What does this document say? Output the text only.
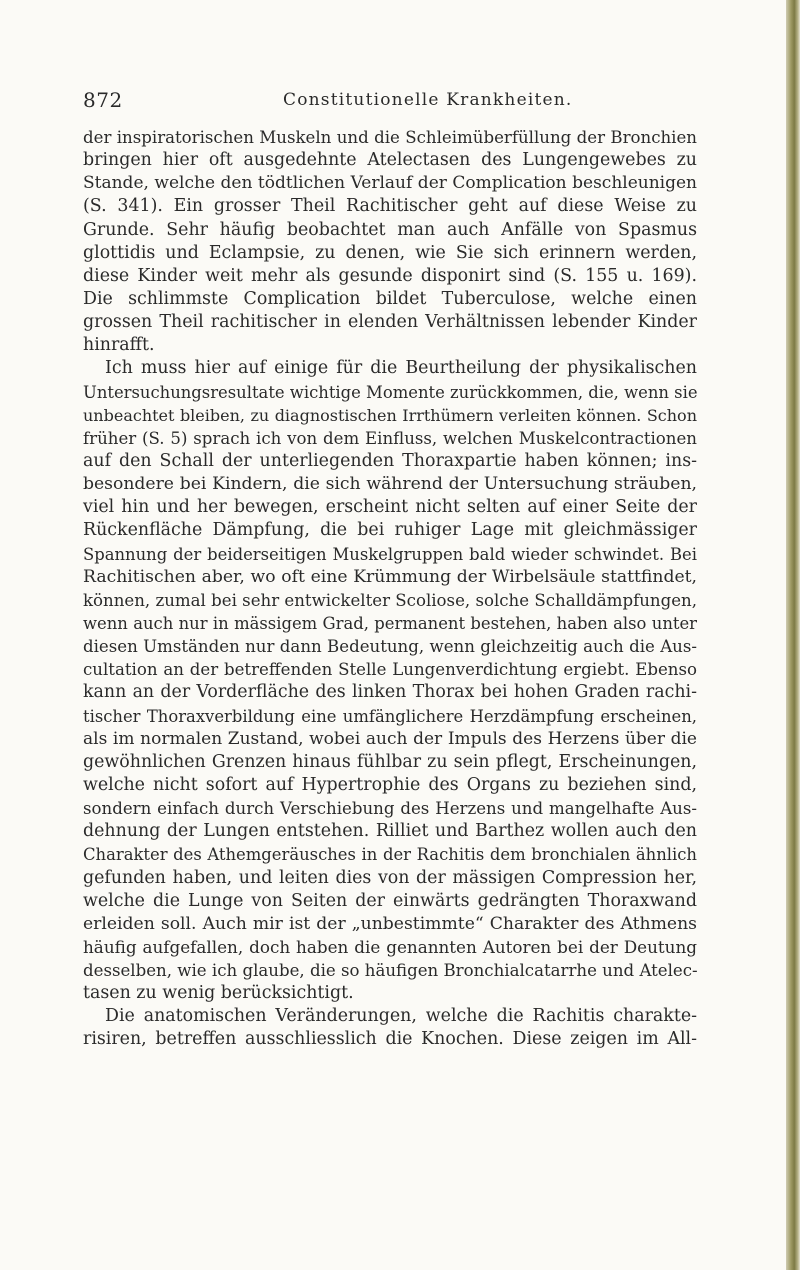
872	Constitutionelle Krankheiten.
der inspiratorischen Muskeln und die Schleimüberfüllung der Bronchien
bringen hier oft ausgedehnte Atelectasen des Lungengewebes zu
Stande, welche den tödtlichen Verlauf der Complication beschleunigen
(S. 341). Ein grosser Theil Rachitischer geht auf diese Weise zu
Grunde. Sehr häufig beobachtet man auch Anfälle von Spasmus
glottidis und Eclampsie, zu denen, wie Sie sich erinnern werden,
diese Kinder weit mehr als gesunde disponirt sind (S. 155 u. 169).
Die schlimmste Complication bildet Tuberculose, welche einen
grossen Theil rachitischer in elenden Verhältnissen lebender Kinder
hinrafft.
Ich muss hier auf einige für die Beurtheilung der physikalischen
Untersuchungsresultate wichtige Momente zurückkommen, die, wenn sie
unbeachtet bleiben, zu diagnostischen Irrthümern verleiten können. Schon
früher (S. 5) sprach ich von dem Einfluss, welchen Muskelcontractionen
auf den Schall der unterliegenden Thoraxpartie haben können; ins-
besondere bei Kindern, die sich während der Untersuchung sträuben,
viel hin und her bewegen, erscheint nicht selten auf einer Seite der
Rückenfläche Dämpfung, die bei ruhiger Lage mit gleichmässiger
Spannung der beiderseitigen Muskelgruppen bald wieder schwindet. Bei
Rachitischen aber, wo oft eine Krümmung der Wirbelsäule stattfindet,
können, zumal bei sehr entwickelter Scoliose, solche Schalldämpfungen,
wenn auch nur in mässigem Grad, permanent bestehen, haben also unter
diesen Umständen nur dann Bedeutung, wenn gleichzeitig auch die Aus-
cultation an der betreffenden Stelle Lungenverdichtung ergiebt. Ebenso
kann an der Vorderfläche des linken Thorax bei hohen Graden rachi-
tischer Thoraxverbildung eine umfänglichere Herzdämpfung erscheinen,
als im normalen Zustand, wobei auch der Impuls des Herzens über die
gewöhnlichen Grenzen hinaus fühlbar zu sein pflegt, Erscheinungen,
welche nicht sofort auf Hypertrophie des Organs zu beziehen sind,
sondern einfach durch Verschiebung des Herzens und mangelhafte Aus-
dehnung der Lungen entstehen. Rilliet und Barthez wollen auch den
Charakter des Athemgeräusches in der Rachitis dem bronchialen ähnlich
gefunden haben, und leiten dies von der mässigen Compression her,
welche die Lunge von Seiten der einwärts gedrängten Thoraxwand
erleiden soll. Auch mir ist der „unbestimmte“ Charakter des Athmens
häufig aufgefallen, doch haben die genannten Autoren bei der Deutung
desselben, wie ich glaube, die so häufigen Bronchialcatarrhe und Atelec-
tasen zu wenig berücksichtigt.
Die anatomischen Veränderungen, welche die Rachitis charakte-
risiren, betreffen ausschliesslich die Knochen. Diese zeigen im All-
